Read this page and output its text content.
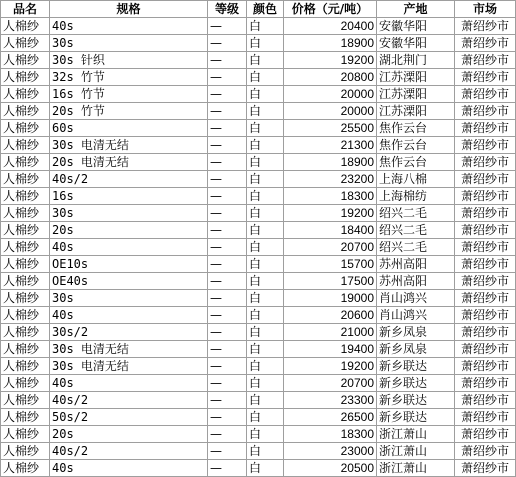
品名	规格	等级	颜色	价格（元/吨）	产地	市场
人棉纱	40s	—	白	20400	安徽华阳	萧绍纱市
人棉纱	30s	—	白	18900	安徽华阳	萧绍纱市
人棉纱	30s 针织	—	白	19200	湖北荆门	萧绍纱市
人棉纱	32s 竹节	—	白	20800	江苏溧阳	萧绍纱市
人棉纱	16s 竹节	—	白	20000	江苏溧阳	萧绍纱市
人棉纱	20s 竹节	—	白	20000	江苏溧阳	萧绍纱市
人棉纱	60s	—	白	25500	焦作云台	萧绍纱市
人棉纱	30s 电清无结	—	白	21300	焦作云台	萧绍纱市
人棉纱	20s 电清无结	—	白	18900	焦作云台	萧绍纱市
人棉纱	40s/2	—	白	23200	上海八棉	萧绍纱市
人棉纱	16s	—	白	18300	上海棉纺	萧绍纱市
人棉纱	30s	—	白	19200	绍兴二毛	萧绍纱市
人棉纱	20s	—	白	18400	绍兴二毛	萧绍纱市
人棉纱	40s	—	白	20700	绍兴二毛	萧绍纱市
人棉纱	OE10s	—	白	15700	苏州高阳	萧绍纱市
人棉纱	OE40s	—	白	17500	苏州高阳	萧绍纱市
人棉纱	30s	—	白	19000	肖山鸿兴	萧绍纱市
人棉纱	40s	—	白	20600	肖山鸿兴	萧绍纱市
人棉纱	30s/2	—	白	21000	新乡凤泉	萧绍纱市
人棉纱	30s 电清无结	—	白	19400	新乡凤泉	萧绍纱市
人棉纱	30s 电清无结	—	白	19200	新乡联达	萧绍纱市
人棉纱	40s	—	白	20700	新乡联达	萧绍纱市
人棉纱	40s/2	—	白	23300	新乡联达	萧绍纱市
人棉纱	50s/2	—	白	26500	新乡联达	萧绍纱市
人棉纱	20s	—	白	18300	浙江萧山	萧绍纱市
人棉纱	40s/2	—	白	23000	浙江萧山	萧绍纱市
人棉纱	40s	—	白	20500	浙江萧山	萧绍纱市
